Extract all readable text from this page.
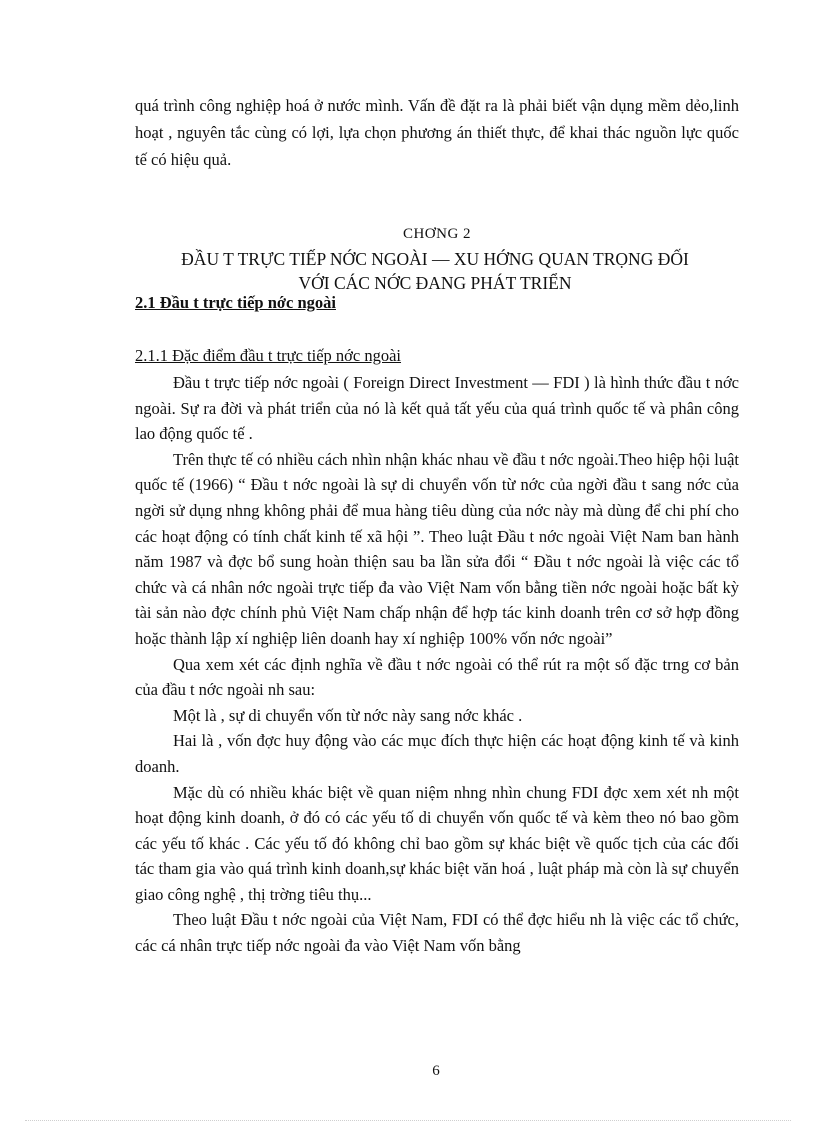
quá trình công nghiệp hoá ở nước mình. Vấn đề đặt ra là phải biết vận dụng mềm dẻo,linh hoạt , nguyên tắc cùng có lợi, lựa chọn phương án thiết thực, để khai thác nguồn lực quốc tế có hiệu quả.

CHƠNG 2
ĐẦU T TRỰC TIẾP NỚC NGOÀI — XU HỚNG QUAN TRỌNG ĐỐI
VỚI CÁC NỚC ĐANG PHÁT TRIỂN
2.1 Đầu t trực tiếp nớc ngoài
2.1.1 Đặc điểm đầu t trực tiếp nớc ngoài

Đầu t trực tiếp nớc ngoài ( Foreign Direct Investment — FDI ) là hình thức đầu t nớc ngoài. Sự ra đời và phát triển của nó là kết quả tất yếu của quá trình quốc tế và phân công lao động quốc tế .

Trên thực tế có nhiều cách nhìn nhận khác nhau về đầu t nớc ngoài.Theo hiệp hội luật quốc tế (1966) “ Đầu t nớc ngoài là sự di chuyển vốn từ nớc của ngời đầu t sang nớc của ngời sử dụng nhng không phải để mua hàng tiêu dùng của nớc này mà dùng để chi phí cho các hoạt động có tính chất kinh tế xã hội ”. Theo luật Đầu t nớc ngoài Việt Nam ban hành năm 1987 và đợc bổ sung hoàn thiện sau ba lần sửa đổi “ Đầu t nớc ngoài là việc các tổ chức và cá nhân nớc ngoài trực tiếp đa vào Việt Nam vốn bằng tiền nớc ngoài hoặc bất kỳ tài sản nào đợc chính phủ Việt Nam chấp nhận để hợp tác kinh doanh trên cơ sở hợp đồng hoặc thành lập xí nghiệp liên doanh hay xí nghiệp 100% vốn nớc ngoài”

Qua xem xét các định nghĩa về đầu t nớc ngoài có thể rút ra một số đặc trng cơ bản của đầu t nớc ngoài nh sau:

Một là , sự di chuyển vốn từ nớc này sang nớc khác .

Hai là , vốn đợc huy động vào các mục đích thực hiện các hoạt động kinh tế và kinh doanh.

Mặc dù có nhiều khác biệt về quan niệm nhng nhìn chung FDI đợc xem xét nh một hoạt động kinh doanh, ở đó có các yếu tố di chuyển vốn quốc tế và kèm theo nó bao gồm các yếu tố khác . Các yếu tố đó không chỉ bao gồm sự khác biệt về quốc tịch của các đối tác tham gia vào quá trình kinh doanh,sự khác biệt văn hoá , luật pháp mà còn là sự chuyển giao công nghệ , thị trờng tiêu thụ...

Theo luật Đầu t nớc ngoài của Việt Nam, FDI có thể đợc hiểu nh là việc các tổ chức, các cá nhân trực tiếp nớc ngoài đa vào Việt Nam vốn bằng

6
